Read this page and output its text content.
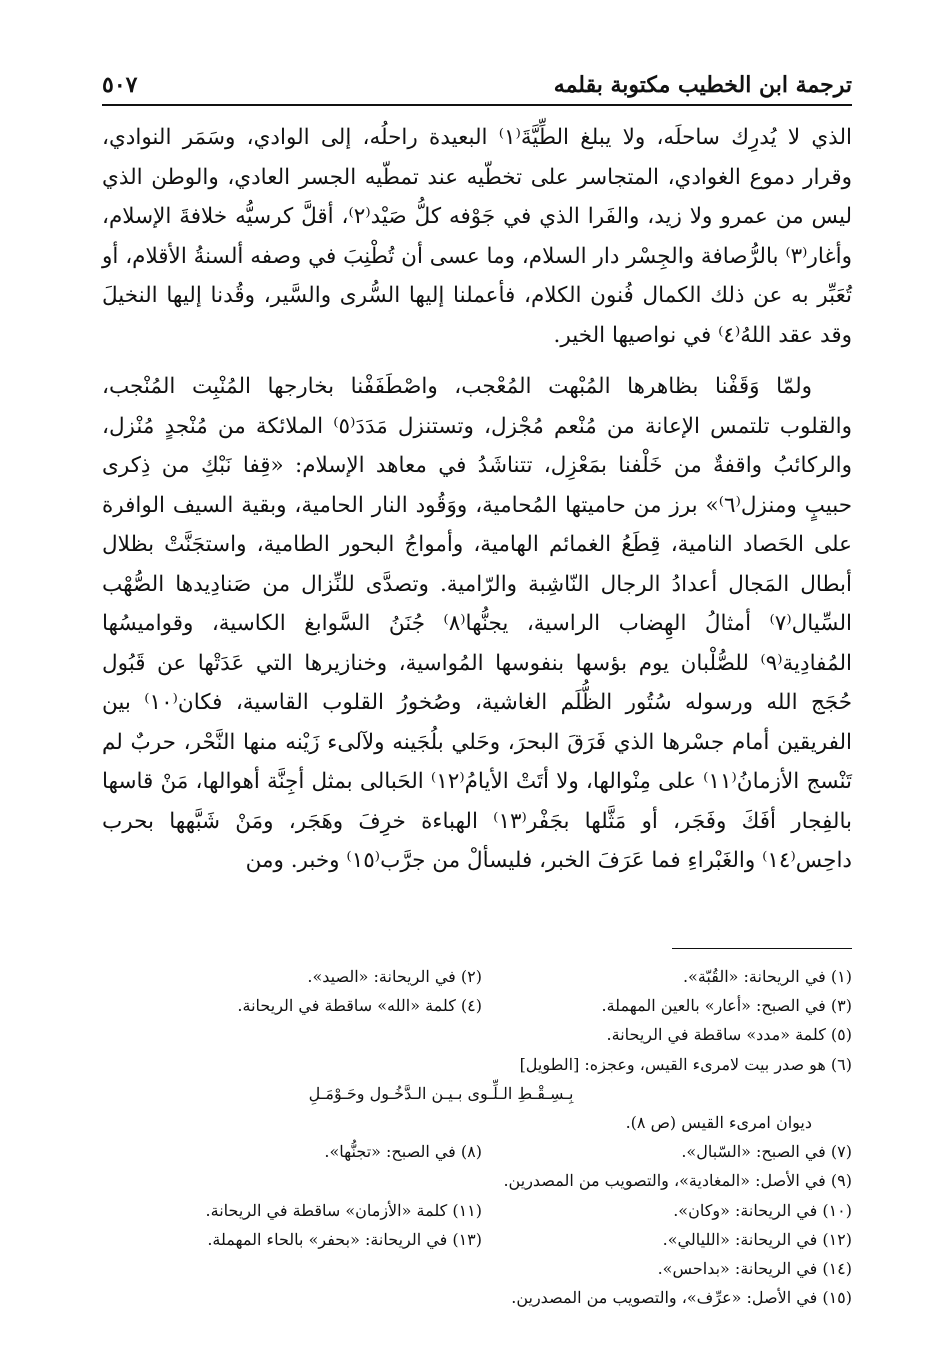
ترجمة ابن الخطيب مكتوبة بقلمه
٥٠٧

الذي لا يُدرِك ساحلَه، ولا يبلغ الطِّيَّةَ⁽١⁾ البعيدة راحلُه، إلى الوادي، وسَمَر النوادي، وقرار دموع الغوادي، المتجاسر على تخطّيه عند تمطّيه الجسر العادي، والوطن الذي ليس من عمرو ولا زيد، والفَرا الذي في جَوْفه كلُّ صَيْد⁽٢⁾، أقلَّ كرسيُّه خلافةَ الإسلام، وأغار⁽٣⁾ بالرُّصافة والجِسْر دار السلام، وما عسى أن تُطْنِبَ في وصفه ألسنةُ الأقلام، أو تُعَبِّر به عن ذلك الكمال فُنون الكلام، فأعملنا إليها السُّرى والسَّير، وقُدنا إليها النخيلَ وقد عقد اللهُ⁽٤⁾ في نواصيها الخير.

ولمّا وَقَفْنا بظاهرها المُبْهت المُعْجب، واصْطَفَفْنا بخارجها المُنْبِت المُنْجب، والقلوب تلتمس الإعانة من مُنْعم مُجْزل، وتستنزل مَدَدَ⁽٥⁾ الملائكة من مُنْجدٍ مُنْزل، والركائبُ واقفةٌ من خَلْفنا بمَعْزِل، تتناشَدُ في معاهد الإسلام: «قِفا نَبْكِ من ذِكرى حبيبٍ ومنزل⁽٦⁾» برز من حاميتها المُحامية، ووَقُود النار الحامية، وبقية السيف الوافرة على الحَصاد النامية، قِطَعُ الغمائم الهامية، وأمواجُ البحور الطامية، واستجَنَّتْ بظلال أبطال المَجال أعدادُ الرجال النّاشِبة والرّامية. وتصدَّى للنِّزال من صَنادِيدها الصُّهْب السِّيال⁽٧⁾ أمثالُ الهِضاب الراسية، يجنُّها⁽٨⁾ جُنَنُ السَّوابغ الكاسية، وقواميسُها المُفادِية⁽٩⁾ للصُّلْبان يوم بؤسها بنفوسها المُواسية، وخنازيرها التي عَدَتْها عن قَبُول حُجَج الله ورسوله سُتُور الظُّلَم الغاشية، وصُخورُ القلوب القاسية، فكان⁽١٠⁾ بين الفريقين أمام جسْرها الذي فَرَقَ البحرَ، وحَلي بلُجَينه ولآلىء زَيْنه منها النَّحْر، حربٌ لم تَنْسج الأزمانُ⁽١١⁾ على مِنْوالها، ولا أتَتْ الأيامُ⁽١٢⁾ الحَبالى بمثل أجِنَّة أهوالها، مَنْ قاسها بالفِجار أفَكَ وفَجَر، أو مَثَّلها بجَفْر⁽١٣⁾ الهباءة خرِفَ وهَجَر، ومَنْ شَبَّهها بحرب داحِس⁽١٤⁾ والغَبْراءِ فما عَرَفَ الخبر، فليسألْ من جرَّب⁽١٥⁾ وخبر. ومن

(١) في الريحانة: «القُبّة».
(٢) في الريحانة: «الصيد».
(٣) في الصبح: «أعار» بالعين المهملة.
(٤) كلمة «الله» ساقطة في الريحانة.
(٥) كلمة «مدد» ساقطة في الريحانة.
(٦) هو صدر بيت لامرىء القيس، وعجزه: [الطويل]
بِـسِـقْـطِ الـلِّـوى بـيـن الـدَّخُـول وحَـوْمَـلِ
ديوان امرىء القيس (ص ٨).
(٧) في الصبح: «السّبال».
(٨) في الصبح: «تجنُّها».
(٩) في الأصل: «المغادية»، والتصويب من المصدرين.
(١٠) في الريحانة: «وكان».
(١١) كلمة «الأزمان» ساقطة في الريحانة.
(١٢) في الريحانة: «الليالي».
(١٣) في الريحانة: «بحفر» بالحاء المهملة.
(١٤) في الريحانة: «بداحس».
(١٥) في الأصل: «عرِّف»، والتصويب من المصدرين.
